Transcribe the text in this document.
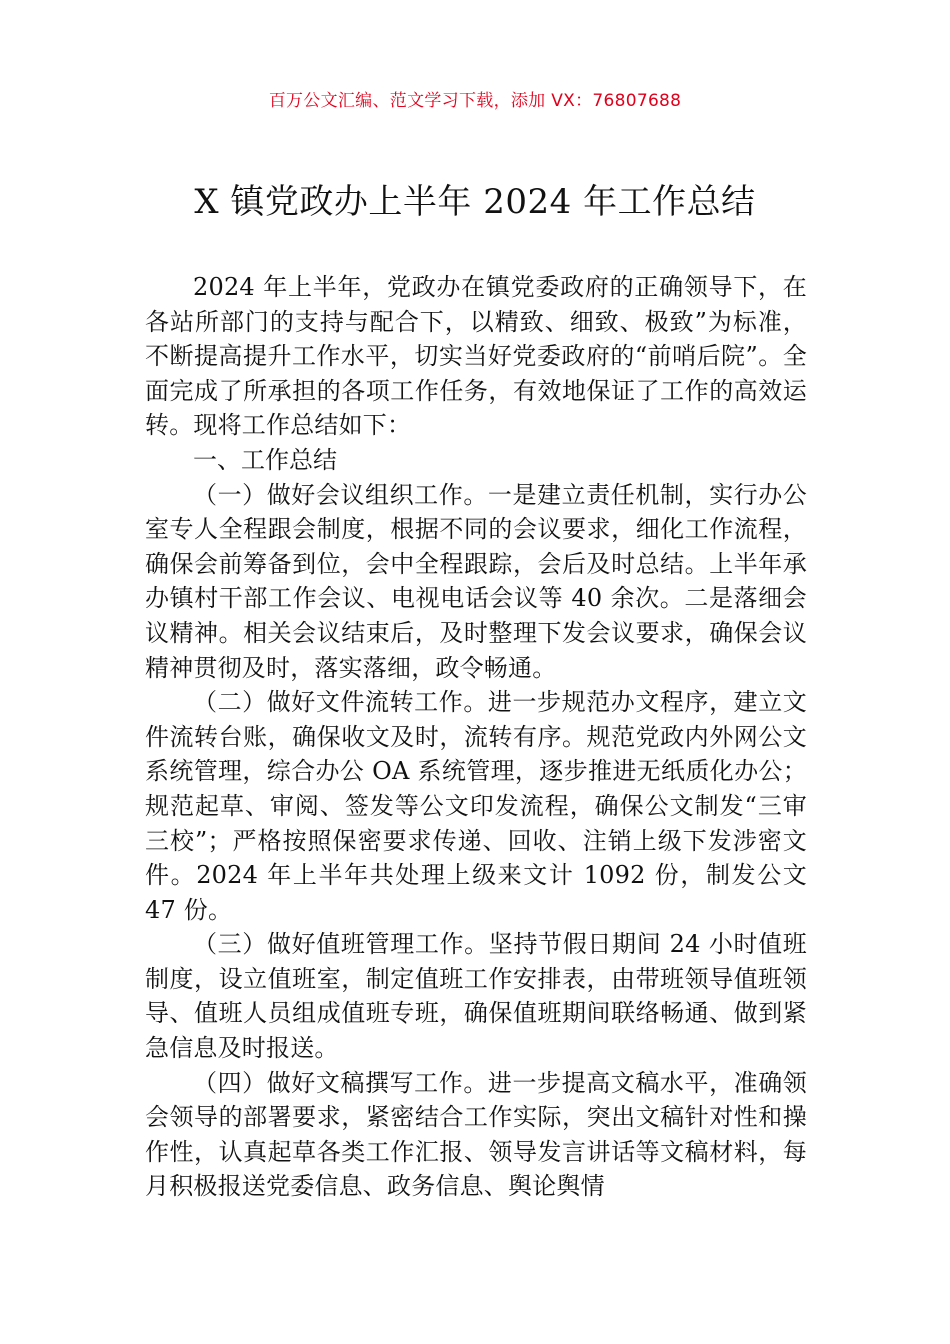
百万公文汇编、范文学习下载，添加 VX：76807688
X 镇党政办上半年 2024 年工作总结

2024 年上半年，党政办在镇党委政府的正确领导下，在各站所部门的支持与配合下，以精致、细致、极致”为标准，不断提高提升工作水平，切实当好党委政府的“前哨后院”。全面完成了所承担的各项工作任务，有效地保证了工作的高效运转。现将工作总结如下：

一、工作总结

（一）做好会议组织工作。一是建立责任机制，实行办公室专人全程跟会制度，根据不同的会议要求，细化工作流程，确保会前筹备到位，会中全程跟踪，会后及时总结。上半年承办镇村干部工作会议、电视电话会议等 40 余次。二是落细会议精神。相关会议结束后，及时整理下发会议要求，确保会议精神贯彻及时，落实落细，政令畅通。

（二）做好文件流转工作。进一步规范办文程序，建立文件流转台账，确保收文及时，流转有序。规范党政内外网公文系统管理，综合办公 OA 系统管理，逐步推进无纸质化办公；规范起草、审阅、签发等公文印发流程，确保公文制发“三审三校”；严格按照保密要求传递、回收、注销上级下发涉密文件。2024 年上半年共处理上级来文计 1092 份，制发公文 47 份。

（三）做好值班管理工作。坚持节假日期间 24 小时值班制度，设立值班室，制定值班工作安排表，由带班领导值班领导、值班人员组成值班专班，确保值班期间联络畅通、做到紧急信息及时报送。

（四）做好文稿撰写工作。进一步提高文稿水平，准确领会领导的部署要求，紧密结合工作实际，突出文稿针对性和操作性，认真起草各类工作汇报、领导发言讲话等文稿材料，每月积极报送党委信息、政务信息、舆论舆情
